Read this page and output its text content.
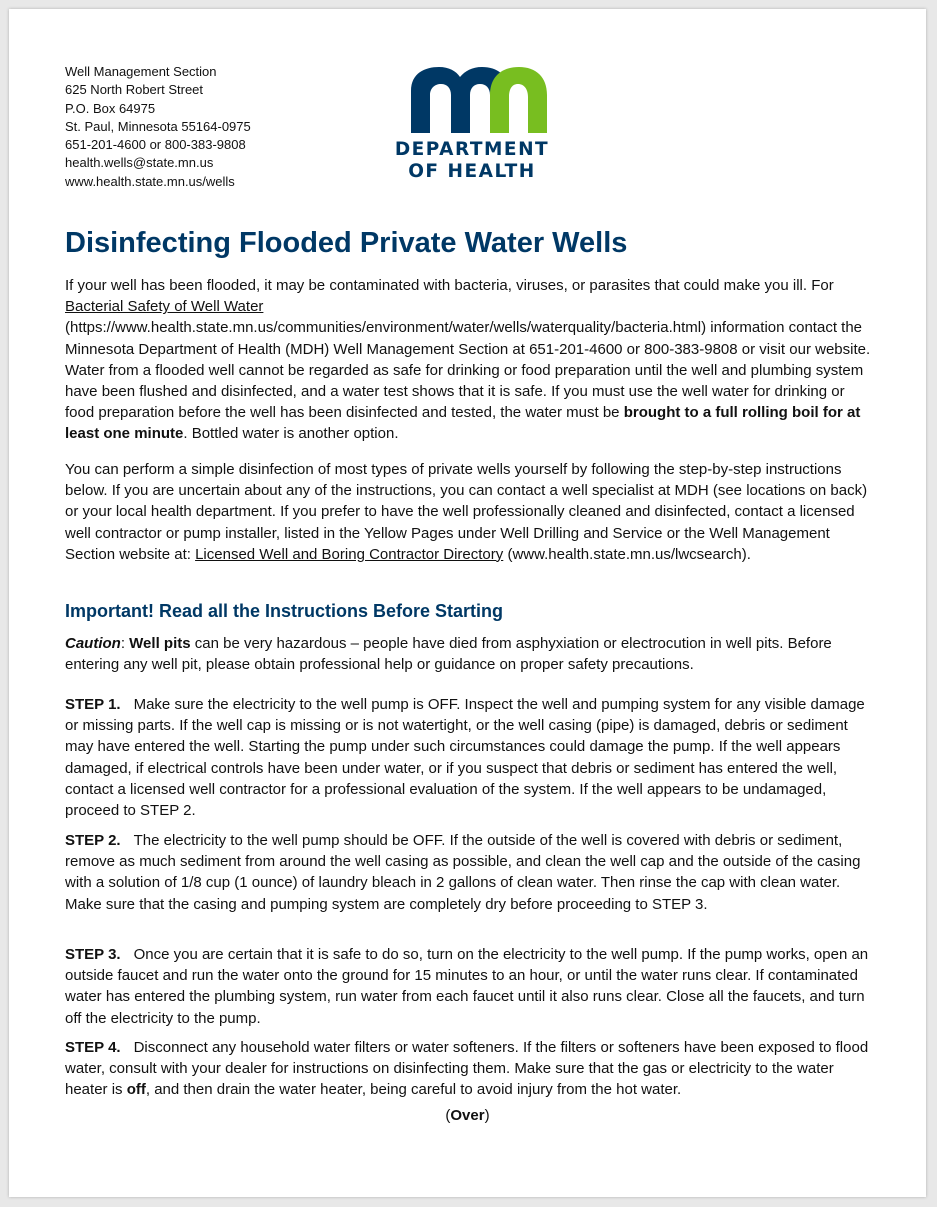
Well Management Section
625 North Robert Street
P.O. Box 64975
St. Paul, Minnesota 55164-0975
651-201-4600 or 800-383-9808
health.wells@state.mn.us
www.health.state.mn.us/wells
DEPARTMENT
OF HEALTH
Disinfecting Flooded Private Water Wells

If your well has been flooded, it may be contaminated with bacteria, viruses, or parasites that could make you ill. For Bacterial Safety of Well Water (https://www.health.state.mn.us/communities/environment/water/wells/waterquality/bacteria.html) information contact the Minnesota Department of Health (MDH) Well Management Section at 651-201-4600 or 800-383-9808 or visit our website. Water from a flooded well cannot be regarded as safe for drinking or food preparation until the well and plumbing system have been flushed and disinfected, and a water test shows that it is safe. If you must use the well water for drinking or food preparation before the well has been disinfected and tested, the water must be brought to a full rolling boil for at least one minute. Bottled water is another option.

You can perform a simple disinfection of most types of private wells yourself by following the step-by-step instructions below. If you are uncertain about any of the instructions, you can contact a well specialist at MDH (see locations on back) or your local health department. If you prefer to have the well professionally cleaned and disinfected, contact a licensed well contractor or pump installer, listed in the Yellow Pages under Well Drilling and Service or the Well Management Section website at: Licensed Well and Boring Contractor Directory (www.health.state.mn.us/lwcsearch).

Important! Read all the Instructions Before Starting

Caution: Well pits can be very hazardous – people have died from asphyxiation or electrocution in well pits. Before entering any well pit, please obtain professional help or guidance on proper safety precautions.

STEP 1. Make sure the electricity to the well pump is OFF. Inspect the well and pumping system for any visible damage or missing parts. If the well cap is missing or is not watertight, or the well casing (pipe) is damaged, debris or sediment may have entered the well. Starting the pump under such circumstances could damage the pump. If the well appears damaged, if electrical controls have been under water, or if you suspect that debris or sediment has entered the well, contact a licensed well contractor for a professional evaluation of the system. If the well appears to be undamaged, proceed to STEP 2.

STEP 2. The electricity to the well pump should be OFF. If the outside of the well is covered with debris or sediment, remove as much sediment from around the well casing as possible, and clean the well cap and the outside of the casing with a solution of 1/8 cup (1 ounce) of laundry bleach in 2 gallons of clean water. Then rinse the cap with clean water. Make sure that the casing and pumping system are completely dry before proceeding to STEP 3.

STEP 3. Once you are certain that it is safe to do so, turn on the electricity to the well pump. If the pump works, open an outside faucet and run the water onto the ground for 15 minutes to an hour, or until the water runs clear. If contaminated water has entered the plumbing system, run water from each faucet until it also runs clear. Close all the faucets, and turn off the electricity to the pump.

STEP 4. Disconnect any household water filters or water softeners. If the filters or softeners have been exposed to flood water, consult with your dealer for instructions on disinfecting them. Make sure that the gas or electricity to the water heater is off, and then drain the water heater, being careful to avoid injury from the hot water.

(Over)
